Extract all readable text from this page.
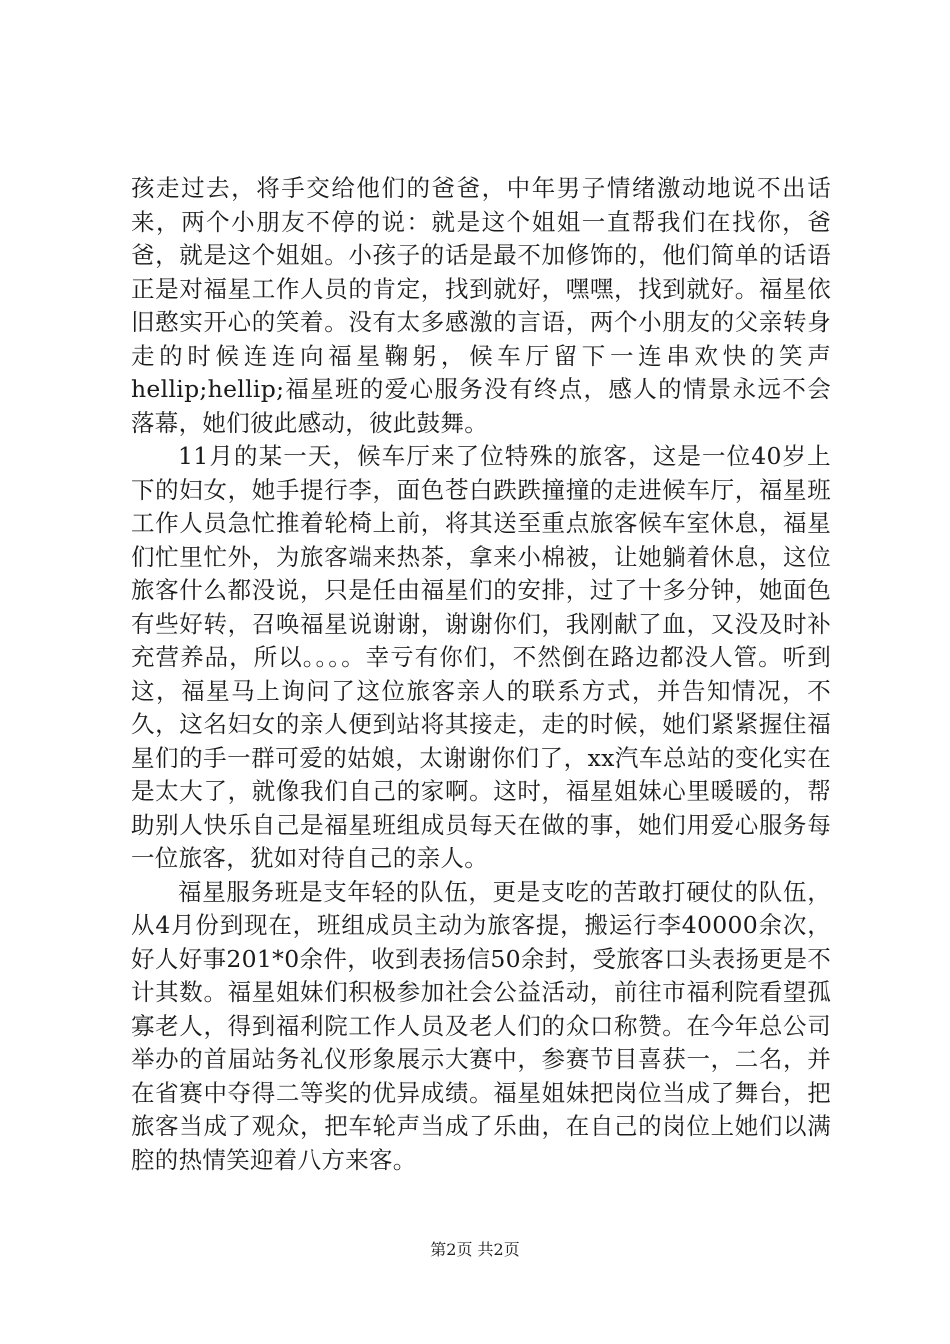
孩走过去，将手交给他们的爸爸，中年男子情绪激动地说不出话来，两个小朋友不停的说：就是这个姐姐一直帮我们在找你，爸爸，就是这个姐姐。小孩子的话是最不加修饰的，他们简单的话语正是对福星工作人员的肯定，找到就好，嘿嘿，找到就好。福星依旧憨实开心的笑着。没有太多感激的言语，两个小朋友的父亲转身走的时候连连向福星鞠躬，候车厅留下一连串欢快的笑声 hellip;hellip;福星班的爱心服务没有终点，感人的情景永远不会落幕，她们彼此感动，彼此鼓舞。

11月的某一天，候车厅来了位特殊的旅客，这是一位40岁上下的妇女，她手提行李，面色苍白跌跌撞撞的走进候车厅，福星班工作人员急忙推着轮椅上前，将其送至重点旅客候车室休息，福星们忙里忙外，为旅客端来热茶，拿来小棉被，让她躺着休息，这位旅客什么都没说，只是任由福星们的安排，过了十多分钟，她面色有些好转，召唤福星说谢谢，谢谢你们，我刚献了血，又没及时补充营养品，所以。。。。幸亏有你们，不然倒在路边都没人管。听到这，福星马上询问了这位旅客亲人的联系方式，并告知情况，不久，这名妇女的亲人便到站将其接走，走的时候，她们紧紧握住福星们的手一群可爱的姑娘，太谢谢你们了，xx汽车总站的变化实在是太大了，就像我们自己的家啊。这时，福星姐妹心里暖暖的，帮助别人快乐自己是福星班组成员每天在做的事，她们用爱心服务每一位旅客，犹如对待自己的亲人。

福星服务班是支年轻的队伍，更是支吃的苦敢打硬仗的队伍，从4月份到现在，班组成员主动为旅客提，搬运行李40000余次，好人好事201*0余件，收到表扬信50余封，受旅客口头表扬更是不计其数。福星姐妹们积极参加社会公益活动，前往市福利院看望孤寡老人，得到福利院工作人员及老人们的众口称赞。在今年总公司举办的首届站务礼仪形象展示大赛中，参赛节目喜获一，二名，并在省赛中夺得二等奖的优异成绩。福星姐妹把岗位当成了舞台，把旅客当成了观众，把车轮声当成了乐曲，在自己的岗位上她们以满腔的热情笑迎着八方来客。

第2页 共2页
